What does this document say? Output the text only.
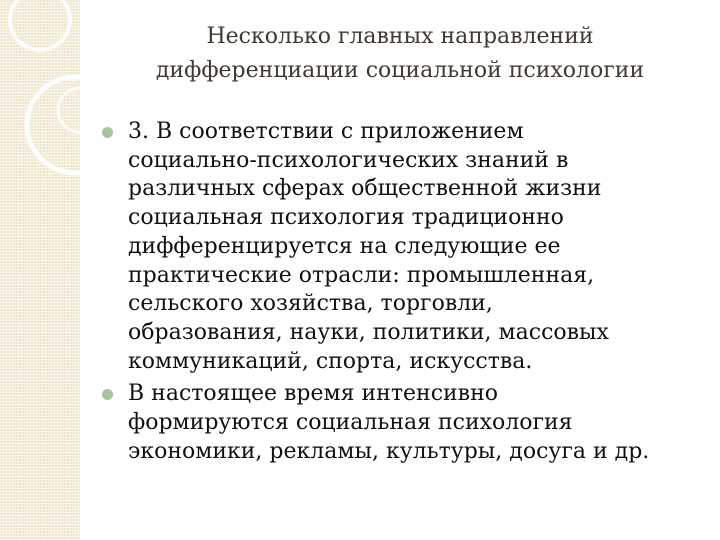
Несколько главных направлений
дифференциации социальной психологии
3. В соответствии с приложением
социально-психологических знаний в
различных сферах общественной жизни
социальная психология традиционно
дифференцируется на следующие ее
практические отрасли: промышленная,
сельского хозяйства, торговли,
образования, науки, политики, массовых
коммуникаций, спорта, искусства.
В настоящее время интенсивно
формируются социальная психология
экономики, рекламы, культуры, досуга и др.
